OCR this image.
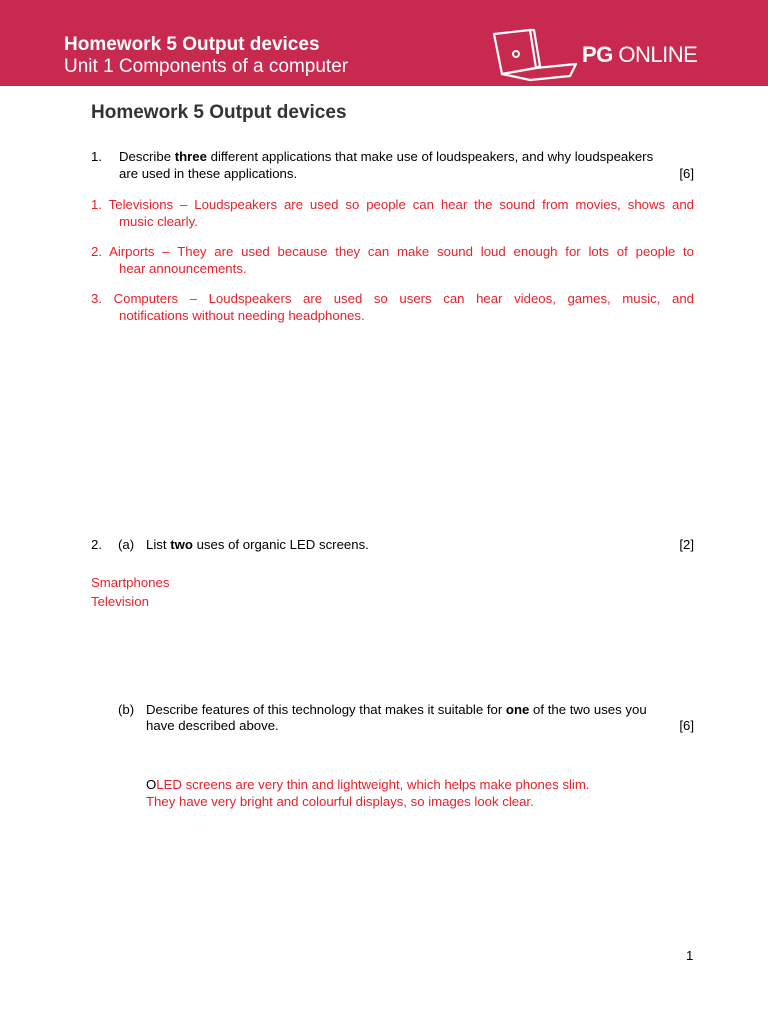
Homework 5 Output devices
Unit 1 Components of a computer	PG ONLINE
Homework 5 Output devices
1. Describe three different applications that make use of loudspeakers, and why loudspeakers
are used in these applications.	[6]
1. Televisions – Loudspeakers are used so people can hear the sound from movies, shows and
music clearly.
2. Airports – They are used because they can make sound loud enough for lots of people to
hear announcements.
3. Computers – Loudspeakers are used so users can hear videos, games, music, and
notifications without needing headphones.
2. (a) List two uses of organic LED screens.	[2]
Smartphones
Television
(b) Describe features of this technology that makes it suitable for one of the two uses you
have described above.	[6]
OLED screens are very thin and lightweight, which helps make phones slim.
They have very bright and colourful displays, so images look clear.
1
